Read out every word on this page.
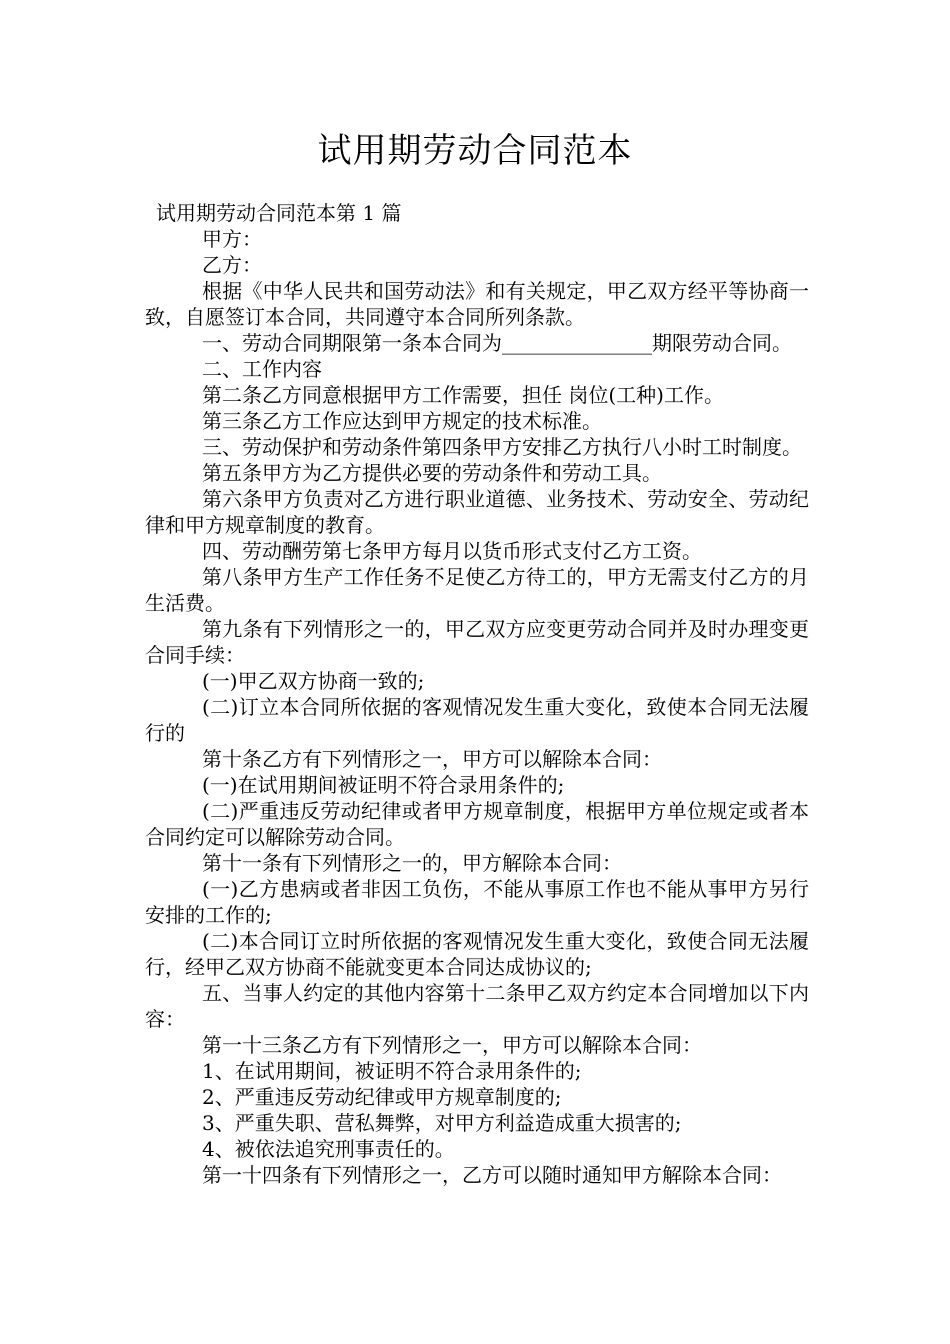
试用期劳动合同范本
试用期劳动合同范本第 1 篇

甲方：

乙方：

根据《中华人民共和国劳动法》和有关规定，甲乙双方经平等协商一致，自愿签订本合同，共同遵守本合同所列条款。

一、劳动合同期限第一条本合同为_______________期限劳动合同。

二、工作内容

第二条乙方同意根据甲方工作需要，担任 岗位(工种)工作。

第三条乙方工作应达到甲方规定的技术标准。

三、劳动保护和劳动条件第四条甲方安排乙方执行八小时工时制度。

第五条甲方为乙方提供必要的劳动条件和劳动工具。

第六条甲方负责对乙方进行职业道德、业务技术、劳动安全、劳动纪律和甲方规章制度的教育。

四、劳动酬劳第七条甲方每月以货币形式支付乙方工资。

第八条甲方生产工作任务不足使乙方待工的，甲方无需支付乙方的月生活费。

第九条有下列情形之一的，甲乙双方应变更劳动合同并及时办理变更合同手续：

(一)甲乙双方协商一致的;

(二)订立本合同所依据的客观情况发生重大变化，致使本合同无法履行的

第十条乙方有下列情形之一，甲方可以解除本合同：

(一)在试用期间被证明不符合录用条件的;

(二)严重违反劳动纪律或者甲方规章制度，根据甲方单位规定或者本合同约定可以解除劳动合同。

第十一条有下列情形之一的，甲方解除本合同：

(一)乙方患病或者非因工负伤，不能从事原工作也不能从事甲方另行安排的工作的;

(二)本合同订立时所依据的客观情况发生重大变化，致使合同无法履行，经甲乙双方协商不能就变更本合同达成协议的;

五、当事人约定的其他内容第十二条甲乙双方约定本合同增加以下内容：

第一十三条乙方有下列情形之一，甲方可以解除本合同：

1、在试用期间，被证明不符合录用条件的;

2、严重违反劳动纪律或甲方规章制度的;

3、严重失职、营私舞弊，对甲方利益造成重大损害的;

4、被依法追究刑事责任的。

第一十四条有下列情形之一，乙方可以随时通知甲方解除本合同：
